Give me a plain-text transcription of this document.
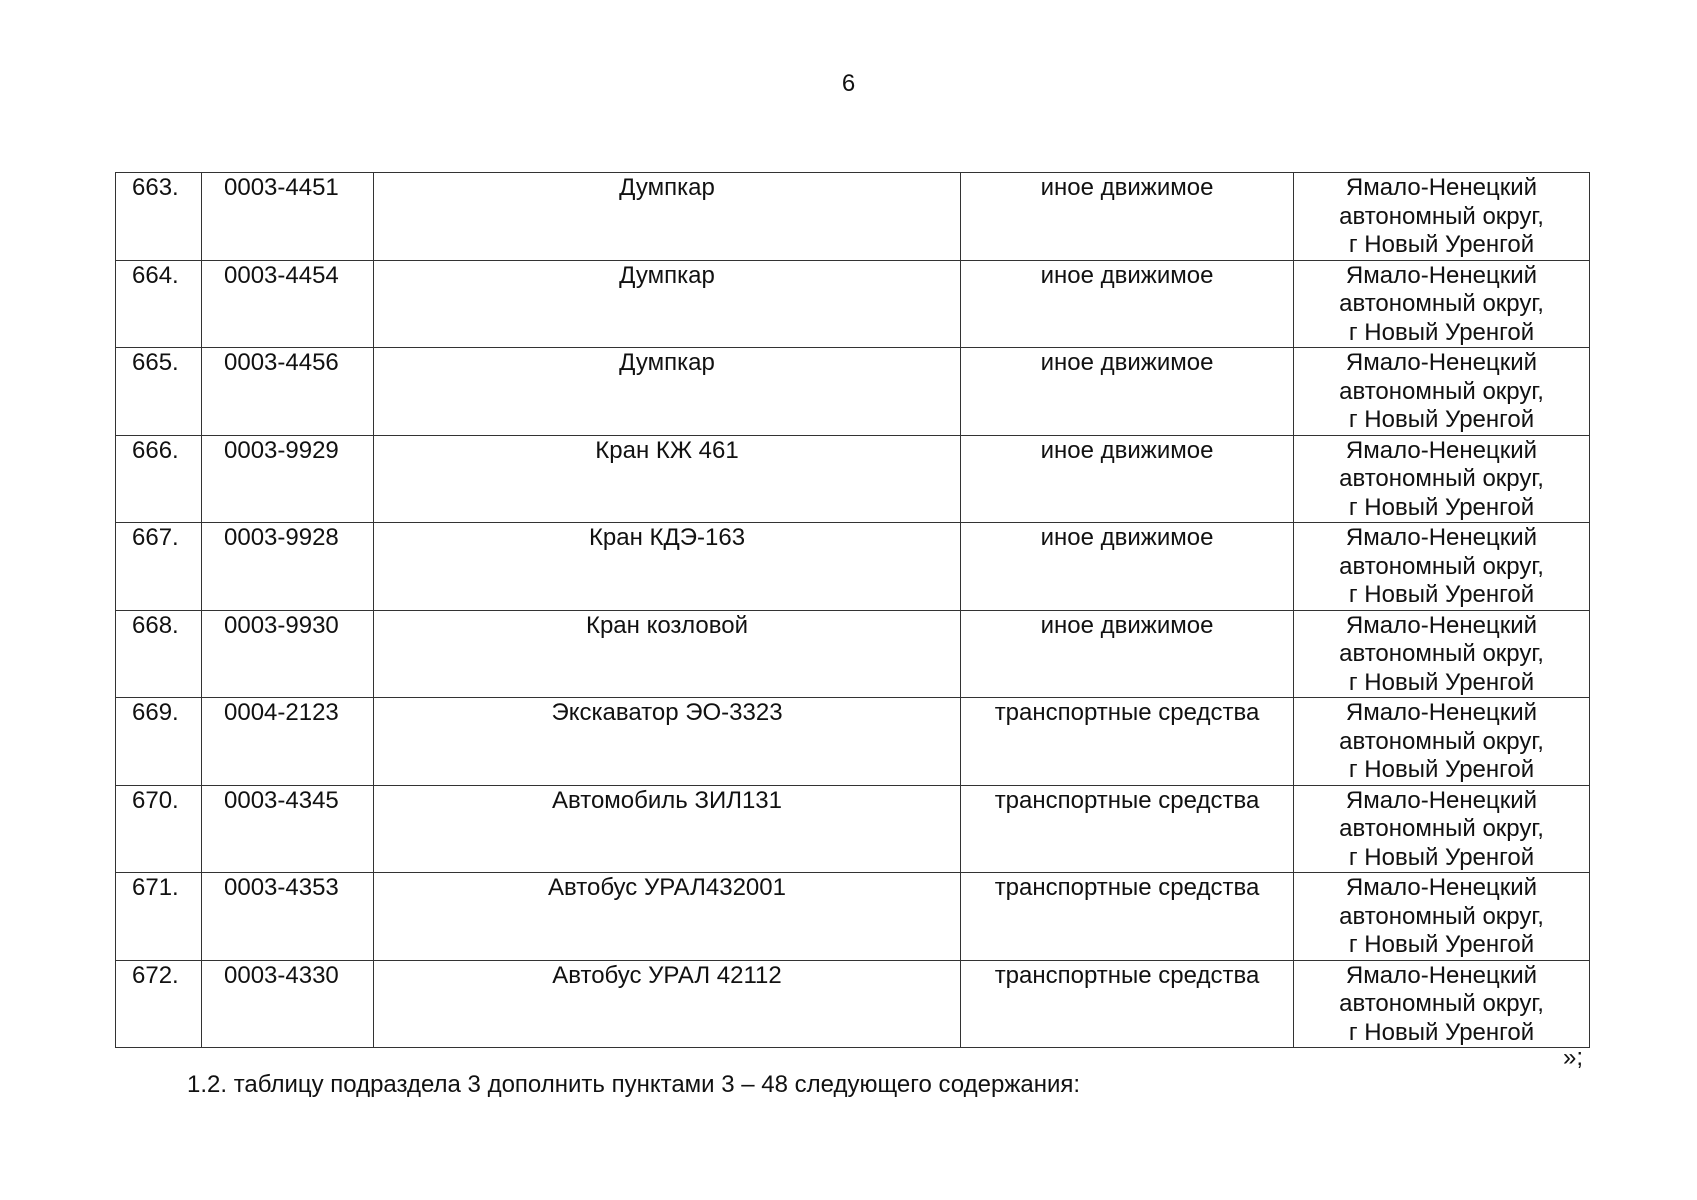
6
663.	0003-4451	Думпкар	иное движимое	Ямало-Ненецкий
автономный округ,
г Новый Уренгой

664.	0003-4454	Думпкар	иное движимое	Ямало-Ненецкий
автономный округ,
г Новый Уренгой

665.	0003-4456	Думпкар	иное движимое	Ямало-Ненецкий
автономный округ,
г Новый Уренгой

666.	0003-9929	Кран КЖ 461	иное движимое	Ямало-Ненецкий
автономный округ,
г Новый Уренгой

667.	0003-9928	Кран КДЭ-163	иное движимое	Ямало-Ненецкий
автономный округ,
г Новый Уренгой

668.	0003-9930	Кран козловой	иное движимое	Ямало-Ненецкий
автономный округ,
г Новый Уренгой

669.	0004-2123	Экскаватор ЭО-3323	транспортные средства	Ямало-Ненецкий
автономный округ,
г Новый Уренгой

670.	0003-4345	Автомобиль ЗИЛ131	транспортные средства	Ямало-Ненецкий
автономный округ,
г Новый Уренгой

671.	0003-4353	Автобус УРАЛ432001	транспортные средства	Ямало-Ненецкий
автономный округ,
г Новый Уренгой

672.	0003-4330	Автобус УРАЛ 42112	транспортные средства	Ямало-Ненецкий
автономный округ,
г Новый Уренгой
»;
1.2. таблицу подраздела 3 дополнить пунктами 3 – 48 следующего содержания:
